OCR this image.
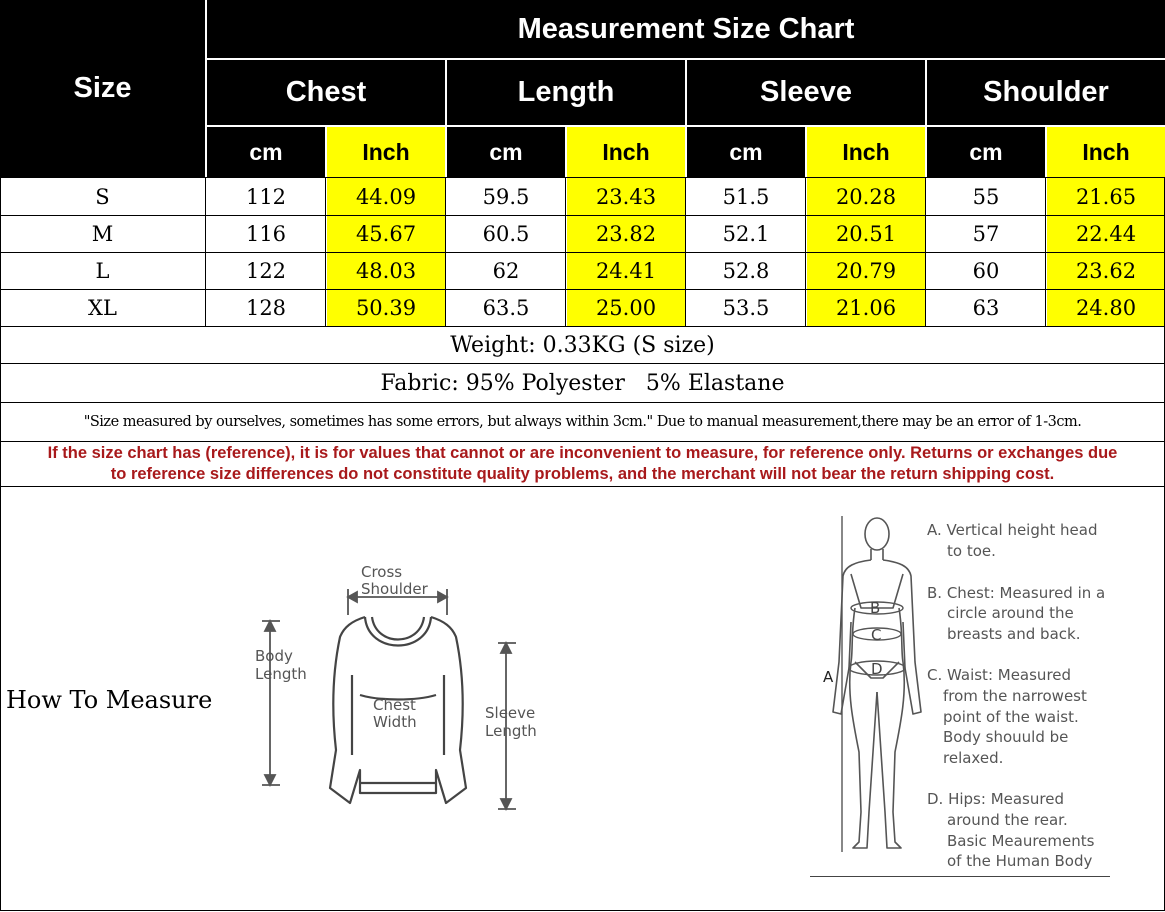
Size
Measurement Size Chart
Chest	Length	Sleeve	Shoulder
cm	Inch	cm	Inch	cm	Inch	cm	Inch
S	112	44.09	59.5	23.43	51.5	20.28	55	21.65
M	116	45.67	60.5	23.82	52.1	20.51	57	22.44
L	122	48.03	62	24.41	52.8	20.79	60	23.62
XL	128	50.39	63.5	25.00	53.5	21.06	63	24.80
Weight: 0.33KG (S size)
Fabric: 95% Polyester   5% Elastane
"Size measured by ourselves, sometimes has some errors, but always within 3cm." Due to manual measurement,there may be an error of 1-3cm.
If the size chart has (reference), it is for values that cannot or are inconvenient to measure, for reference only. Returns or exchanges due
to reference size differences do not constitute quality problems, and the merchant will not bear the return shipping cost.
How To Measure
Cross
Shoulder
Body
Length
Chest
Width	Sleeve
Length
B
C
D
A
A. Vertical height head
to toe.
B. Chest: Measured in a
circle around the
breasts and back.
C. Waist: Measured
from the narrowest
point of the waist.
Body shouuld be
relaxed.
D. Hips: Measured
around the rear.
Basic Meaurements
of the Human Body
